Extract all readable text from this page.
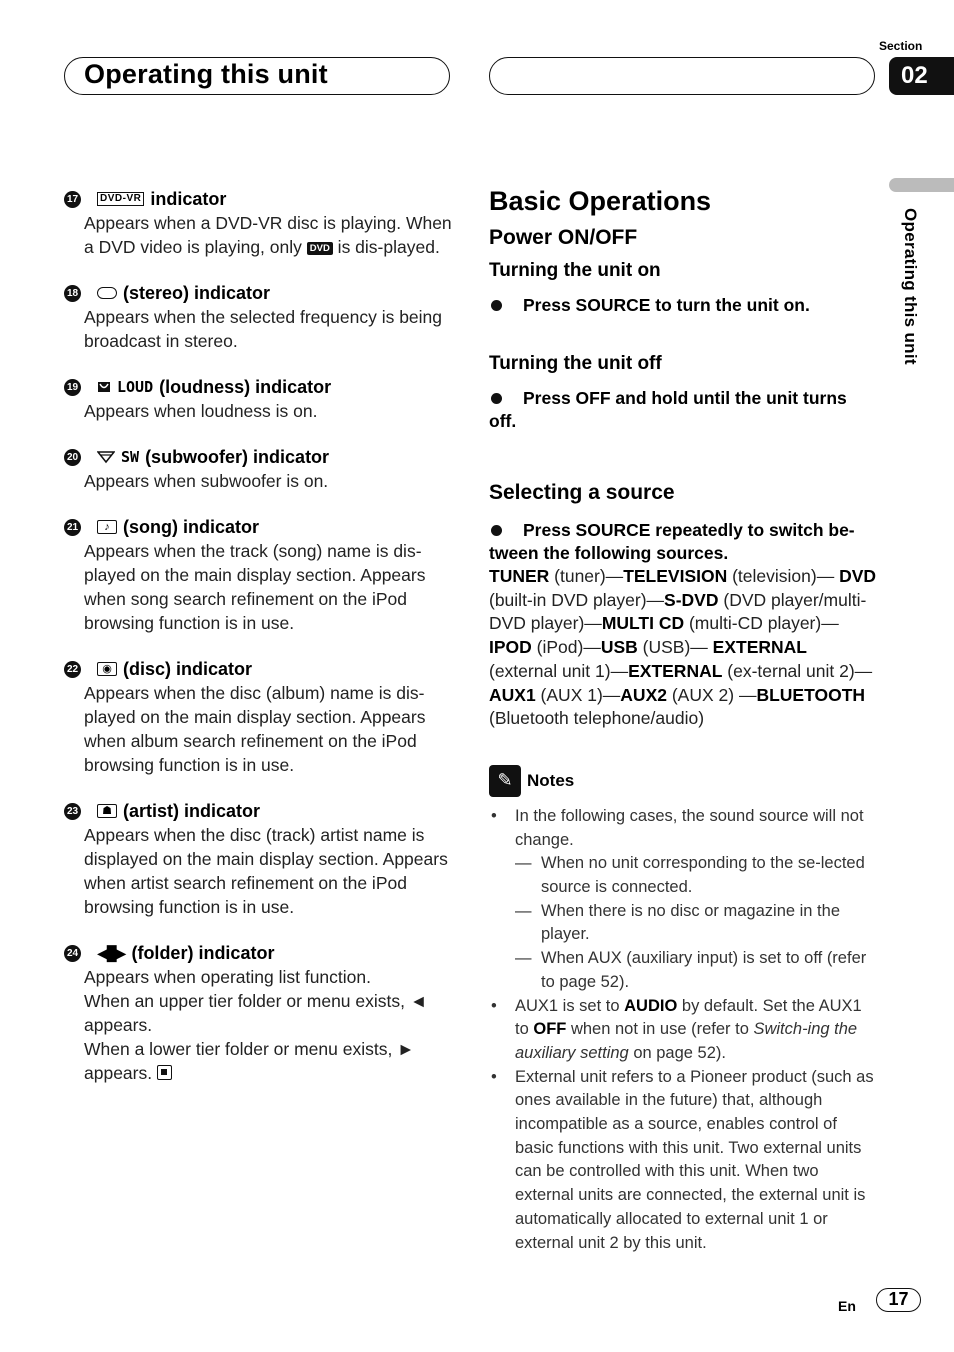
Operating this unit
Section
02
Operating this unit
17	DVD-VR indicator
Appears when a DVD-VR disc is playing. When a DVD video is playing, only DVD is dis-played.
18 (stereo) indicator
Appears when the selected frequency is being broadcast in stereo.
19	LOUD (loudness) indicator
Appears when loudness is on.
20	SW (subwoofer) indicator
Appears when subwoofer is on.
21	♪ (song) indicator
Appears when the track (song) name is dis-played on the main display section. Appears when song search refinement on the iPod browsing function is in use.
22	◉ (disc) indicator
Appears when the disc (album) name is dis-played on the main display section. Appears when album search refinement on the iPod browsing function is in use.
23	☗ (artist) indicator
Appears when the disc (track) artist name is displayed on the main display section. Appears when artist search refinement on the iPod browsing function is in use.
24 ◀█▶ (folder) indicator
Appears when operating list function.
When an upper tier folder or menu exists, ◄ appears.
When a lower tier folder or menu exists, ► appears.
Basic Operations
Power ON/OFF
Turning the unit on
Press SOURCE to turn the unit on.
Turning the unit off
Press OFF and hold until the unit turns off.
Selecting a source
Press SOURCE repeatedly to switch be-tween the following sources.
TUNER (tuner)—TELEVISION (television)— DVD (built-in DVD player)—S-DVD (DVD player/multi-DVD player)—MULTI CD (multi-CD player)—IPOD (iPod)—USB (USB)— EXTERNAL (external unit 1)—EXTERNAL (ex-ternal unit 2)—AUX1 (AUX 1)—AUX2 (AUX 2) —BLUETOOTH (Bluetooth telephone/audio)
✎ Notes
• In the following cases, the sound source will not change.
— When no unit corresponding to the se-lected source is connected.
— When there is no disc or magazine in the player.
— When AUX (auxiliary input) is set to off (refer to page 52).
• AUX1 is set to AUDIO by default. Set the AUX1 to OFF when not in use (refer to Switch-ing the auxiliary setting on page 52).
• External unit refers to a Pioneer product (such as ones available in the future) that, although incompatible as a source, enables control of basic functions with this unit. Two external units can be controlled with this unit. When two external units are connected, the external unit is automatically allocated to external unit 1 or external unit 2 by this unit.
En	17
